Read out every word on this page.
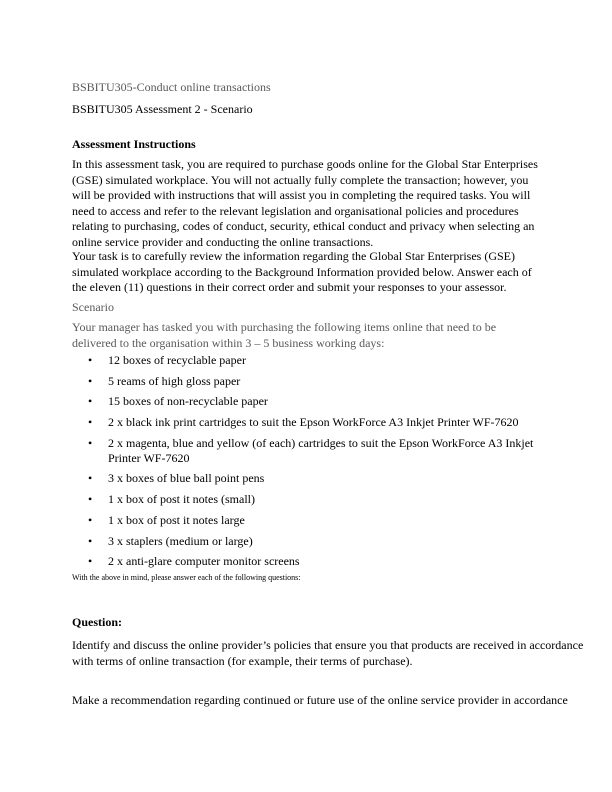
BSBITU305-Conduct online transactions

BSBITU305 Assessment 2 - Scenario

Assessment Instructions

In this assessment task, you are required to purchase goods online for the Global Star Enterprises (GSE) simulated workplace. You will not actually fully complete the transaction; however, you will be provided with instructions that will assist you in completing the required tasks. You will need to access and refer to the relevant legislation and organisational policies and procedures relating to purchasing, codes of conduct, security, ethical conduct and privacy when selecting an online service provider and conducting the online transactions.

Your task is to carefully review the information regarding the Global Star Enterprises (GSE) simulated workplace according to the Background Information provided below. Answer each of the eleven (11) questions in their correct order and submit your responses to your assessor.

Scenario

Your manager has tasked you with purchasing the following items online that need to be delivered to the organisation within 3 – 5 business working days:

• 12 boxes of recyclable paper
• 5 reams of high gloss paper
• 15 boxes of non-recyclable paper
• 2 x black ink print cartridges to suit the Epson WorkForce A3 Inkjet Printer WF-7620
• 2 x magenta, blue and yellow (of each) cartridges to suit the Epson WorkForce A3 Inkjet Printer WF-7620
• 3 x boxes of blue ball point pens
• 1 x box of post it notes (small)
• 1 x box of post it notes large
• 3 x staplers (medium or large)
• 2 x anti-glare computer monitor screens

With the above in mind, please answer each of the following questions:

Question:

Identify and discuss the online provider’s policies that ensure you that products are received in accordance with terms of online transaction (for example, their terms of purchase).

Make a recommendation regarding continued or future use of the online service provider in accordance
